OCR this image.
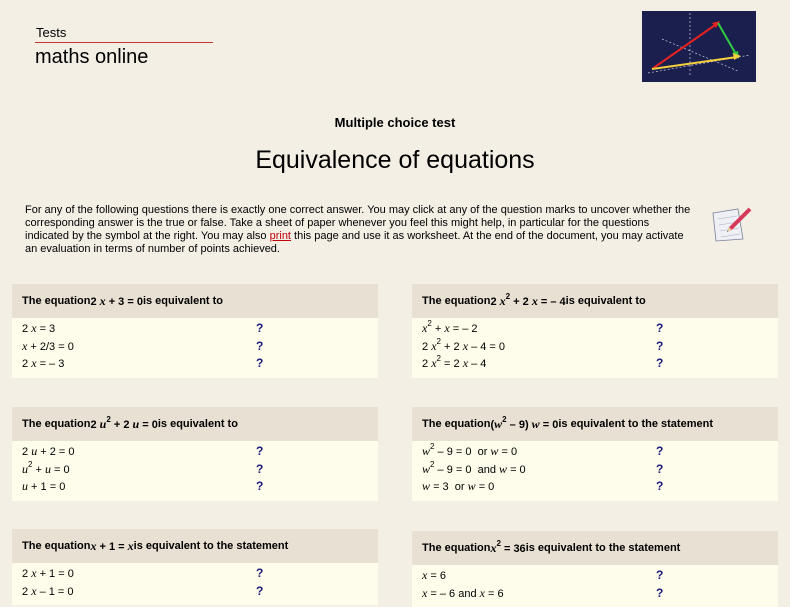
Tests
maths online
Multiple choice test
Equivalence of equations
For any of the following questions there is exactly one correct answer. You may click at any of the question marks to uncover whether the corresponding answer is the true or false. Take a sheet of paper whenever you feel this might help, in particular for the questions indicated by the symbol at the right. You may also print this page and use it as worksheet. At the end of the document, you may activate an evaluation in terms of number of points achieved.
The equation 2 x + 3 = 0 is equivalent to
2 x = 3	?
x + 2/3 = 0	?
2 x = – 3	?
The equation 2 $x^2 + 2$ x = – 4 is equivalent to
$x^2 + x$ = – 2	?
2 $x^2 + 2$ x – 4 = 0	?
2 $x^2 = 2$ x – 4	?
The equation 2 $u^2 + 2$ u = 0 is equivalent to
2 u + 2 = 0	?
$u^2 + u = 0$	?
u + 1 = 0	?
The equation $(w^2 - 9) w = 0$ is equivalent to the statement
$w^2 - 9 = 0$  or w = 0	?
$w^2 - 9 = 0$  and w = 0	?
w = 3  or w = 0	?
The equation x + 1 = x is equivalent to the statement
2 x + 1 = 0	?
2 x – 1 = 0	?
The equation $x^2 = 36$ is equivalent to the statement
x = 6	?
x = – 6 and x = 6	?
